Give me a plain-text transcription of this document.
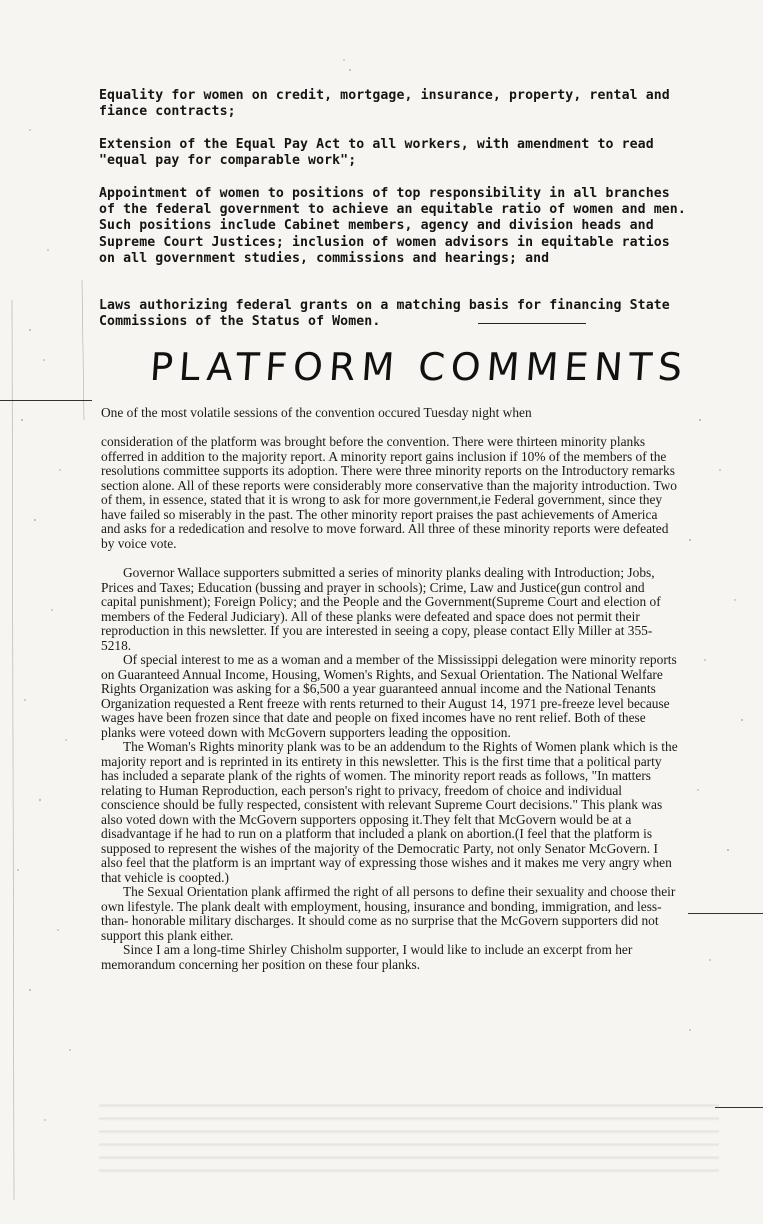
Equality for women on credit, mortgage, insurance, property, rental and fiance contracts;

Extension of the Equal Pay Act to all workers, with amendment to read "equal pay for comparable work";

Appointment of women to positions of top responsibility in all branches of the federal government to achieve an equitable ratio of women and men. Such positions include Cabinet members, agency and division heads and Supreme Court Justices; inclusion of women advisors in equitable ratios on all government studies, commissions and hearings; and

Laws authorizing federal grants on a matching basis for financing State Commissions of the Status of Women.

PLATFORM COMMENTS

One of the most volatile sessions of the convention occured Tuesday night when

consideration of the platform was brought before the convention. There were thirteen minority planks offerred in addition to the majority report. A minority report gains inclusion if 10% of the members of the resolutions committee supports its adoption. There were three minority reports on the Introductory remarks section alone. All of these reports were considerably more conservative than the majority introduction. Two of them, in essence, stated that it is wrong to ask for more government,ie Federal government, since they have failed so miserably in the past. The other minority report praises the past achievements of America and asks for a rededication and resolve to move forward. All three of these minority reports were defeated by voice vote.

Governor Wallace supporters submitted a series of minority planks dealing with Introduction; Jobs, Prices and Taxes; Education (bussing and prayer in schools); Crime, Law and Justice(gun control and capital punishment); Foreign Policy; and the People and the Government(Supreme Court and election of members of the Federal Judiciary). All of these planks were defeated and space does not permit their reproduction in this newsletter. If you are interested in seeing a copy, please contact Elly Miller at 355-5218.

Of special interest to me as a woman and a member of the Mississippi delegation were minority reports on Guaranteed Annual Income, Housing, Women's Rights, and Sexual Orientation. The National Welfare Rights Organization was asking for a $6,500 a year guaranteed annual income and the National Tenants Organization requested a Rent freeze with rents returned to their August 14, 1971 pre-freeze level because wages have been frozen since that date and people on fixed incomes have no rent relief. Both of these planks were voteed down with McGovern supporters leading the opposition.

The Woman's Rights minority plank was to be an addendum to the Rights of Women plank which is the majority report and is reprinted in its entirety in this newsletter. This is the first time that a political party has included a separate plank of the rights of women. The minority report reads as follows, "In matters relating to Human Reproduction, each person's right to privacy, freedom of choice and individual conscience should be fully respected, consistent with relevant Supreme Court decisions." This plank was also voted down with the McGovern supporters opposing it.They felt that McGovern would be at a disadvantage if he had to run on a platform that included a plank on abortion.(I feel that the platform is supposed to represent the wishes of the majority of the Democratic Party, not only Senator McGovern. I also feel that the platform is an imprtant way of expressing those wishes and it makes me very angry when that vehicle is coopted.)

The Sexual Orientation plank affirmed the right of all persons to define their sexuality and choose their own lifestyle. The plank dealt with employment, housing, insurance and bonding, immigration, and less-than- honorable military discharges. It should come as no surprise that the McGovern supporters did not support this plank either.

Since I am a long-time Shirley Chisholm supporter, I would like to include an excerpt from her memorandum concerning her position on these four planks.
